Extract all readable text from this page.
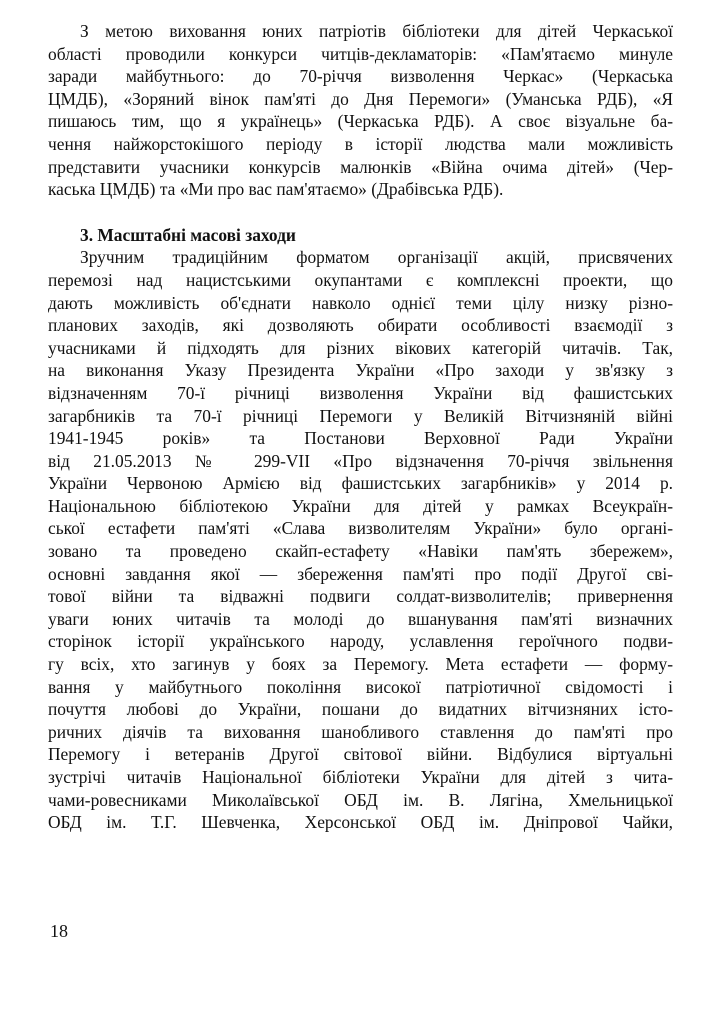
З метою виховання юних патріотів бібліотеки для дітей Черкаської
області проводили конкурси читців-декламаторів: «Пам'ятаємо минуле
заради майбутнього: до 70-річчя визволення Черкас» (Черкаська
ЦМДБ), «Зоряний вінок пам'яті до Дня Перемоги» (Уманська РДБ), «Я
пишаюсь тим, що я українець» (Черкаська РДБ). А своє візуальне ба-
чення найжорстокішого періоду в історії людства мали можливість
представити учасники конкурсів малюнків «Війна очима дітей» (Чер-
каська ЦМДБ) та «Ми про вас пам'ятаємо» (Драбівська РДБ).

3. Масштабні масові заходи

Зручним традиційним форматом організації акцій, присвячених
перемозі над нацистськими окупантами є комплексні проекти, що
дають можливість об'єднати навколо однієї теми цілу низку різно-
планових заходів, які дозволяють обирати особливості взаємодії з
учасниками й підходять для різних вікових категорій читачів. Так,
на виконання Указу Президента України «Про заходи у зв'язку з
відзначенням 70-ї річниці визволення України від фашистських
загарбників та 70-ї річниці Перемоги у Великій Вітчизняній війні
1941-1945 років» та Постанови Верховної Ради України
від 21.05.2013 № 299-VII «Про відзначення 70-річчя звільнення
України Червоною Армією від фашистських загарбників» у 2014 р.
Національною бібліотекою України для дітей у рамках Всеукраїн-
ської естафети пам'яті «Слава визволителям України» було органі-
зовано та проведено скайп-естафету «Навіки пам'ять збережем»,
основні завдання якої — збереження пам'яті про події Другої сві-
тової війни та відважні подвиги солдат-визволителів; привернення
уваги юних читачів та молоді до вшанування пам'яті визначних
сторінок історії українського народу, уславлення героїчного подви-
гу всіх, хто загинув у боях за Перемогу. Мета естафети — форму-
вання у майбутнього покоління високої патріотичної свідомості і
почуття любові до України, пошани до видатних вітчизняних істо-
ричних діячів та виховання шанобливого ставлення до пам'яті про
Перемогу і ветеранів Другої світової війни. Відбулися віртуальні
зустрічі читачів Національної бібліотеки України для дітей з чита-
чами-ровесниками Миколаївської ОБД ім. В. Лягіна, Хмельницької
ОБД ім. Т.Г. Шевченка, Херсонської ОБД ім. Дніпрової Чайки,

18
